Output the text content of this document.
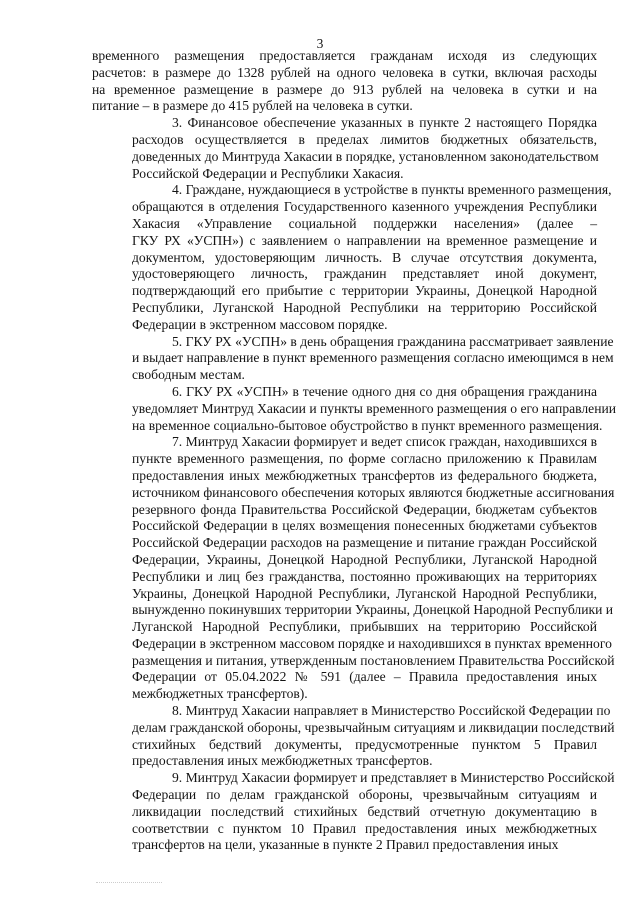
3
временного размещения предоставляется гражданам исходя из следующих
расчетов: в размере до 1328 рублей на одного человека в сутки, включая расходы
на временное размещение в размере до 913 рублей на человека в сутки и на
питание – в размере до 415 рублей на человека в сутки.
3. Финансовое обеспечение указанных в пункте 2 настоящего Порядка
расходов осуществляется в пределах лимитов бюджетных обязательств,
доведенных до Минтруда Хакасии в порядке, установленном законодательством
Российской Федерации и Республики Хакасия.
4. Граждане, нуждающиеся в устройстве в пункты временного размещения,
обращаются в отделения Государственного казенного учреждения Республики
Хакасия «Управление социальной поддержки населения» (далее –
ГКУ РХ «УСПН») с заявлением о направлении на временное размещение и
документом, удостоверяющим личность. В случае отсутствия документа,
удостоверяющего личность, гражданин представляет иной документ,
подтверждающий его прибытие с территории Украины, Донецкой Народной
Республики, Луганской Народной Республики на территорию Российской
Федерации в экстренном массовом порядке.
5. ГКУ РХ «УСПН» в день обращения гражданина рассматривает заявление
и выдает направление в пункт временного размещения согласно имеющимся в нем
свободным местам.
6. ГКУ РХ «УСПН» в течение одного дня со дня обращения гражданина
уведомляет Минтруд Хакасии и пункты временного размещения о его направлении
на временное социально-бытовое обустройство в пункт временного размещения.
7. Минтруд Хакасии формирует и ведет список граждан, находившихся в
пункте временного размещения, по форме согласно приложению к Правилам
предоставления иных межбюджетных трансфертов из федерального бюджета,
источником финансового обеспечения которых являются бюджетные ассигнования
резервного фонда Правительства Российской Федерации, бюджетам субъектов
Российской Федерации в целях возмещения понесенных бюджетами субъектов
Российской Федерации расходов на размещение и питание граждан Российской
Федерации, Украины, Донецкой Народной Республики, Луганской Народной
Республики и лиц без гражданства, постоянно проживающих на территориях
Украины, Донецкой Народной Республики, Луганской Народной Республики,
вынужденно покинувших территории Украины, Донецкой Народной Республики и
Луганской Народной Республики, прибывших на территорию Российской
Федерации в экстренном массовом порядке и находившихся в пунктах временного
размещения и питания, утвержденным постановлением Правительства Российской
Федерации от 05.04.2022 № 591 (далее – Правила предоставления иных
межбюджетных трансфертов).
8. Минтруд Хакасии направляет в Министерство Российской Федерации по
делам гражданской обороны, чрезвычайным ситуациям и ликвидации последствий
стихийных бедствий документы, предусмотренные пунктом 5 Правил
предоставления иных межбюджетных трансфертов.
9. Минтруд Хакасии формирует и представляет в Министерство Российской
Федерации по делам гражданской обороны, чрезвычайным ситуациям и
ликвидации последствий стихийных бедствий отчетную документацию в
соответствии с пунктом 10 Правил предоставления иных межбюджетных
трансфертов на цели, указанные в пункте 2 Правил предоставления иных
